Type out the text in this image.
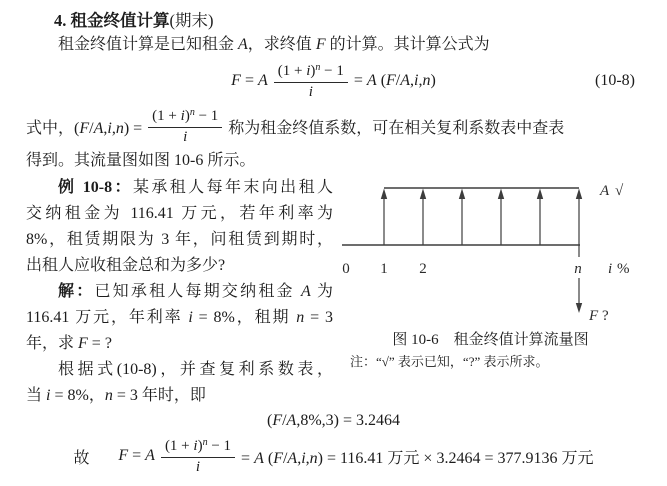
4. 租金终值计算(期末)
租金终值计算是已知租金 A，求终值 F 的计算。其计算公式为
F = A $\frac{(1 + i)^n - 1}{i} = A$ (F/A,i,n)	(10-8)
式中，$(F/A,i,n) = \frac{(1 + i)^n - 1}{i}$ 称为租金终值系数，可在相关复利系数表中查表
得到。其流量图如图 10-6 所示。
例 10-8：某承租人每年末向出租人
交纳租金为 116.41 万元，若年利率为
8%，租赁期限为 3 年，问租赁到期时，
出租人应收租金总和为多少?
解：已知承租人每期交纳租金 A 为
116.41 万元，年利率 i = 8%，租期 n = 3
年，求 F = ?
根据式(10-8)，并查复利系数表，
当 i = 8%，n = 3 年时，即
0 1 2	n i %
A √
F ?
图 10-6 租金终值计算流量图
注：“√” 表示已知，“?” 表示所求。
(F/A,8%,3) = 3.2464
故 F = A $\frac{(1 + i)^n - 1}{i} = A$ (F/A,i,n) = 116.41 万元 × 3.2464 = 377.9136 万元
